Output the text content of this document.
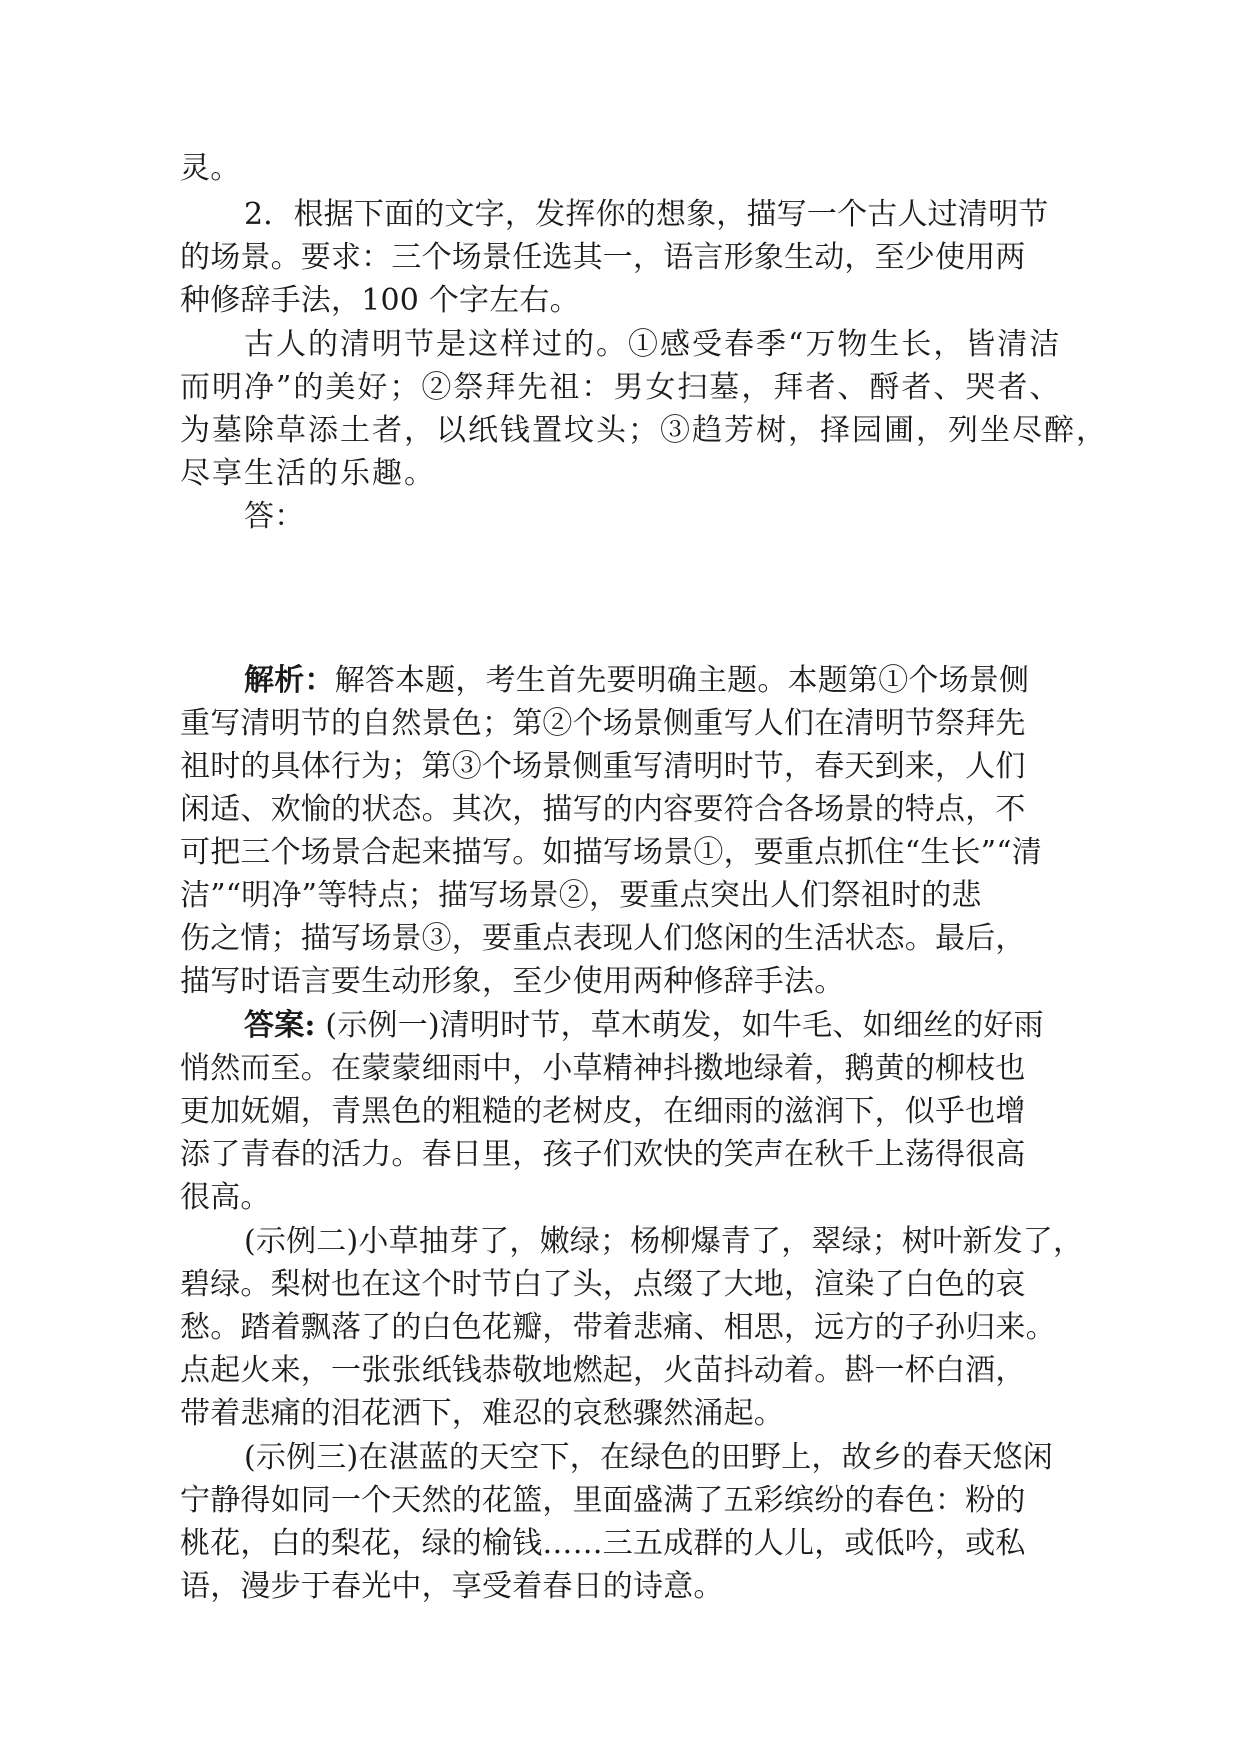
灵。
2．根据下面的文字，发挥你的想象，描写一个古人过清明节
的场景。要求：三个场景任选其一，语言形象生动，至少使用两
种修辞手法，100 个字左右。
古人的清明节是这样过的。①感受春季“万物生长，皆清洁
而明净”的美好；②祭拜先祖：男女扫墓，拜者、酹者、哭者、
为墓除草添土者，以纸钱置坟头；③趋芳树，择园圃，列坐尽醉，
尽享生活的乐趣。
答：
解析：解答本题，考生首先要明确主题。本题第①个场景侧
重写清明节的自然景色；第②个场景侧重写人们在清明节祭拜先
祖时的具体行为；第③个场景侧重写清明时节，春天到来，人们
闲适、欢愉的状态。其次，描写的内容要符合各场景的特点，不
可把三个场景合起来描写。如描写场景①，要重点抓住“生长”“清
洁”“明净”等特点；描写场景②，要重点突出人们祭祖时的悲
伤之情；描写场景③，要重点表现人们悠闲的生活状态。最后，
描写时语言要生动形象，至少使用两种修辞手法。
答案: (示例一)清明时节，草木萌发，如牛毛、如细丝的好雨
悄然而至。在蒙蒙细雨中，小草精神抖擞地绿着，鹅黄的柳枝也
更加妩媚，青黑色的粗糙的老树皮，在细雨的滋润下，似乎也增
添了青春的活力。春日里，孩子们欢快的笑声在秋千上荡得很高
很高。
(示例二)小草抽芽了，嫩绿；杨柳爆青了，翠绿；树叶新发了，
碧绿。梨树也在这个时节白了头，点缀了大地，渲染了白色的哀
愁。踏着飘落了的白色花瓣，带着悲痛、相思，远方的子孙归来。
点起火来，一张张纸钱恭敬地燃起，火苗抖动着。斟一杯白酒，
带着悲痛的泪花洒下，难忍的哀愁骤然涌起。
(示例三)在湛蓝的天空下，在绿色的田野上，故乡的春天悠闲
宁静得如同一个天然的花篮，里面盛满了五彩缤纷的春色：粉的
桃花，白的梨花，绿的榆钱……三五成群的人儿，或低吟，或私
语，漫步于春光中，享受着春日的诗意。
